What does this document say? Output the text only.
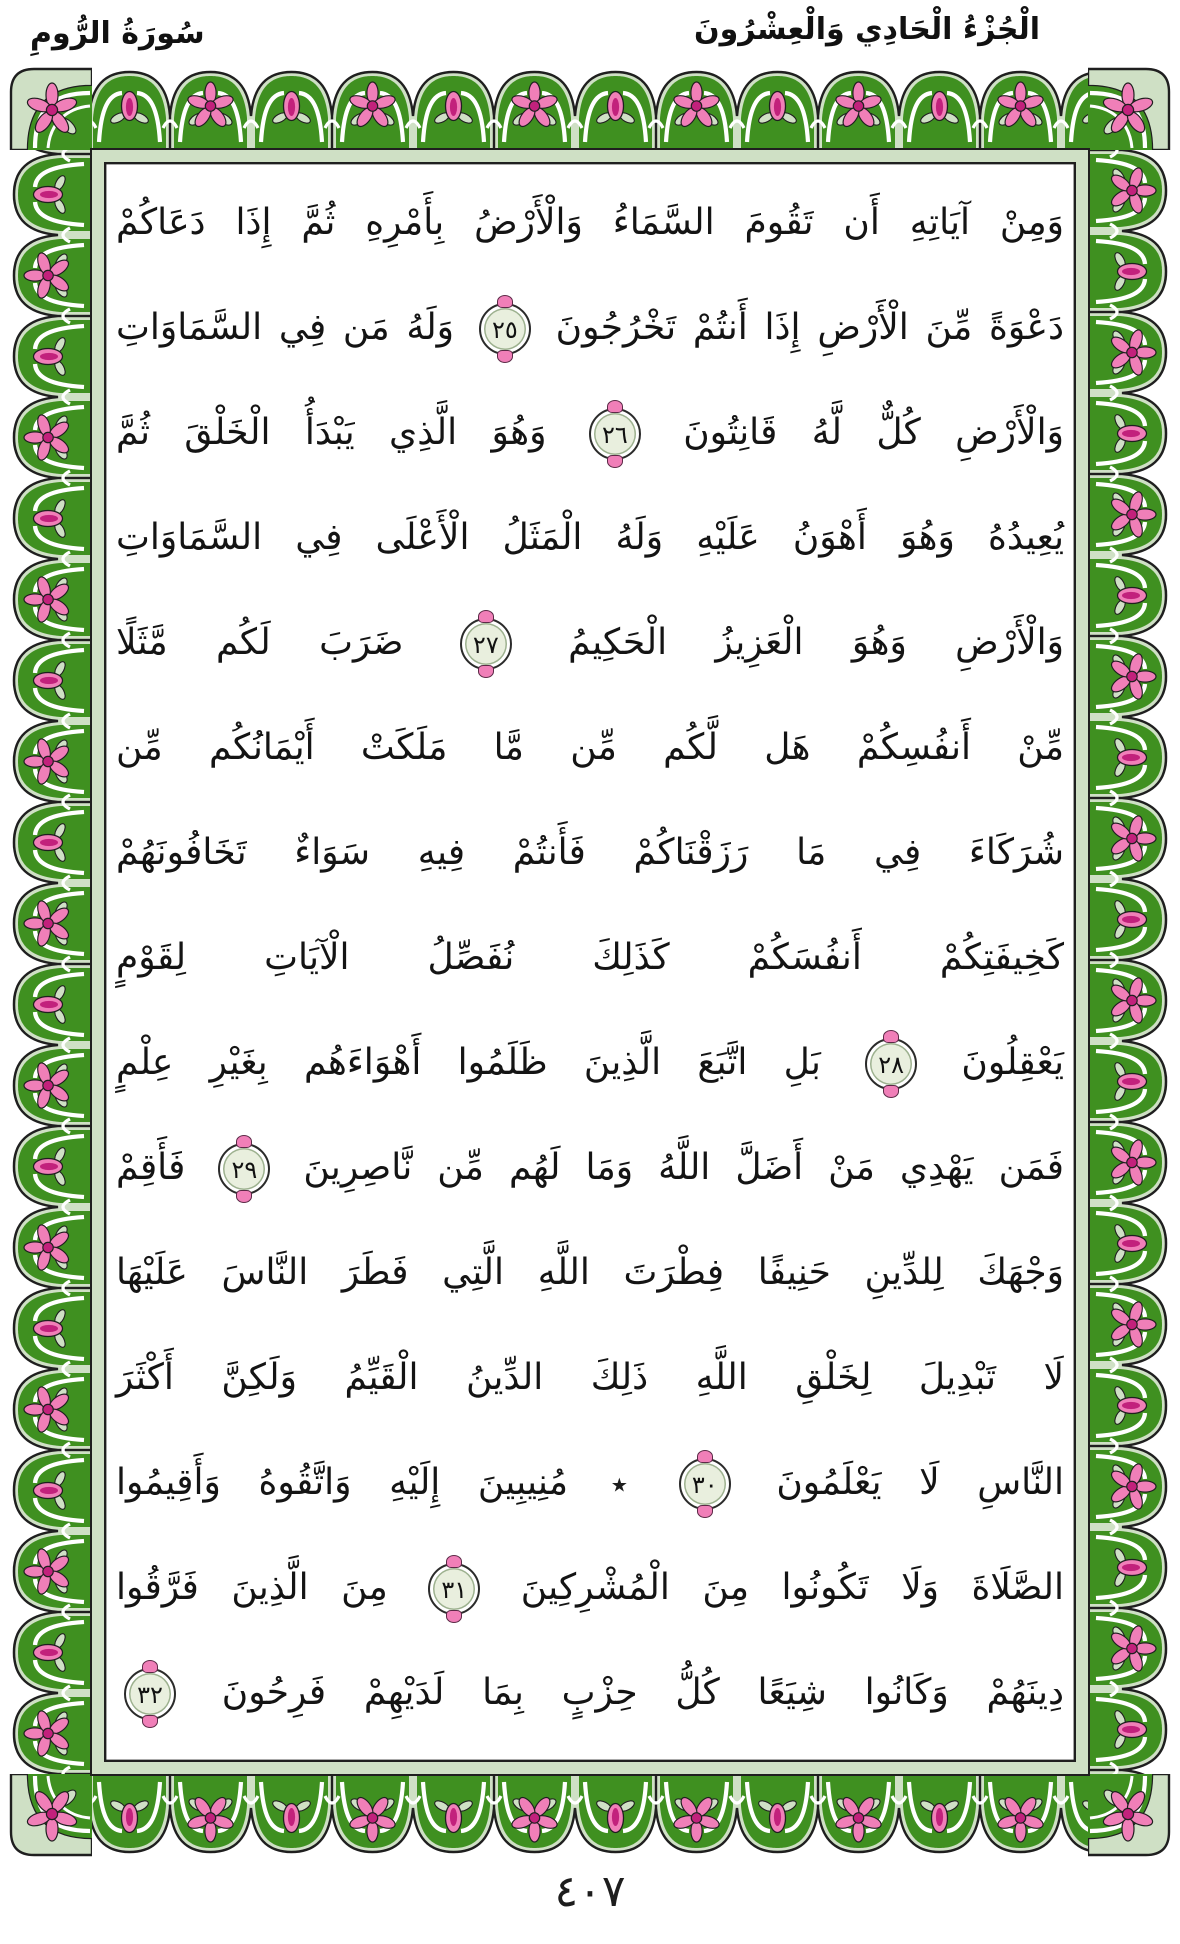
الْجُزْءُ الْحَادِي وَالْعِشْرُونَ
سُورَةُ الرُّومِ
وَمِنْ آيَاتِهِ أَن تَقُومَ السَّمَاءُ وَالْأَرْضُ بِأَمْرِهِ ثُمَّ إِذَا دَعَاكُمْ
دَعْوَةً مِّنَ الْأَرْضِ إِذَا أَنتُمْ تَخْرُجُونَ
٢٥
وَلَهُ مَن فِي السَّمَاوَاتِ
وَالْأَرْضِ كُلٌّ لَّهُ قَانِتُونَ
٢٦
وَهُوَ الَّذِي يَبْدَأُ الْخَلْقَ ثُمَّ
يُعِيدُهُ وَهُوَ أَهْوَنُ عَلَيْهِ وَلَهُ الْمَثَلُ الْأَعْلَى فِي السَّمَاوَاتِ
وَالْأَرْضِ وَهُوَ الْعَزِيزُ الْحَكِيمُ
٢٧
ضَرَبَ لَكُم مَّثَلًا
مِّنْ أَنفُسِكُمْ هَل لَّكُم مِّن مَّا مَلَكَتْ أَيْمَانُكُم مِّن
شُرَكَاءَ فِي مَا رَزَقْنَاكُمْ فَأَنتُمْ فِيهِ سَوَاءٌ تَخَافُونَهُمْ
كَخِيفَتِكُمْ أَنفُسَكُمْ كَذَلِكَ نُفَصِّلُ الْآيَاتِ لِقَوْمٍ
يَعْقِلُونَ
٢٨
بَلِ اتَّبَعَ الَّذِينَ ظَلَمُوا أَهْوَاءَهُم بِغَيْرِ عِلْمٍ
فَمَن يَهْدِي مَنْ أَضَلَّ اللَّهُ وَمَا لَهُم مِّن نَّاصِرِينَ
٢٩
فَأَقِمْ
وَجْهَكَ لِلدِّينِ حَنِيفًا فِطْرَتَ اللَّهِ الَّتِي فَطَرَ النَّاسَ عَلَيْهَا
لَا تَبْدِيلَ لِخَلْقِ اللَّهِ ذَلِكَ الدِّينُ الْقَيِّمُ وَلَكِنَّ أَكْثَرَ
النَّاسِ لَا يَعْلَمُونَ
٣٠
٭ مُنِيبِينَ إِلَيْهِ وَاتَّقُوهُ وَأَقِيمُوا
الصَّلَاةَ وَلَا تَكُونُوا مِنَ الْمُشْرِكِينَ
٣١
مِنَ الَّذِينَ فَرَّقُوا
دِينَهُمْ وَكَانُوا شِيَعًا كُلُّ حِزْبٍ بِمَا لَدَيْهِمْ فَرِحُونَ
٣٢
٤٠٧
